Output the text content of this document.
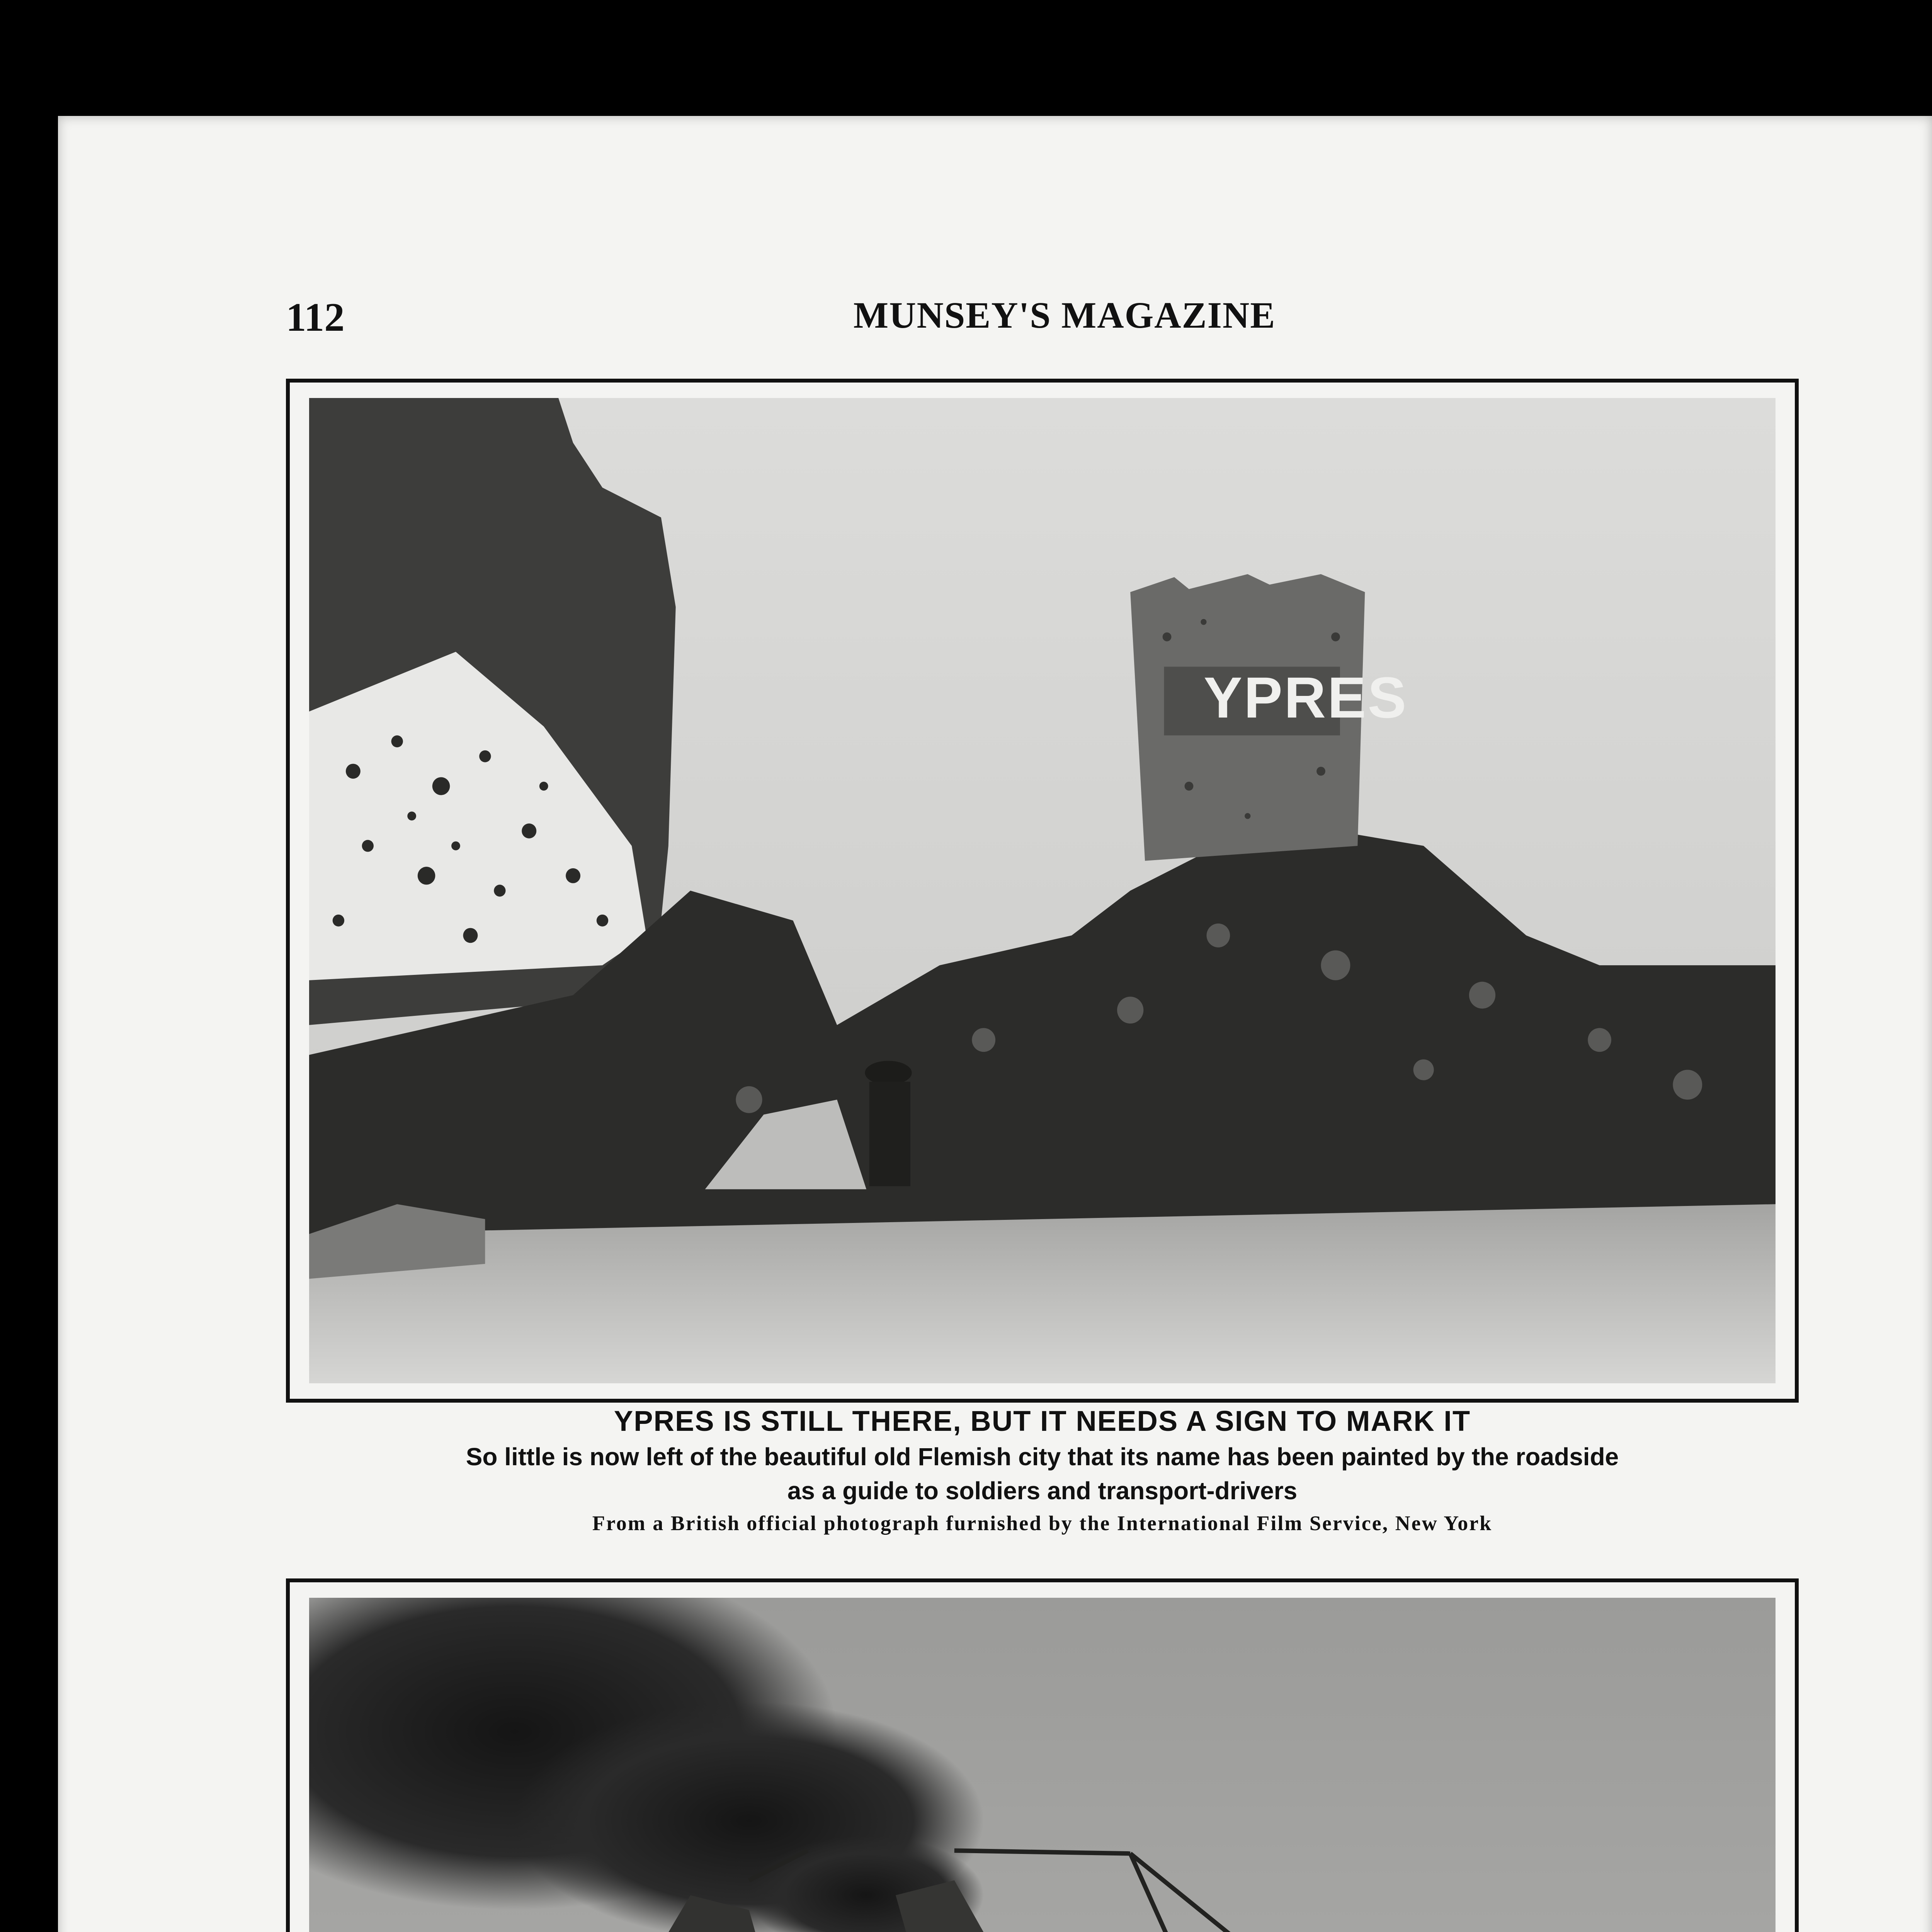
112	MUNSEY'S MAGAZINE
YPRES
YPRES IS STILL THERE, BUT IT NEEDS A SIGN TO MARK IT
So little is now left of the beautiful old Flemish city that its name has been painted by the roadside
as a guide to soldiers and transport-drivers
From a British official photograph furnished by the International Film Service, New York
